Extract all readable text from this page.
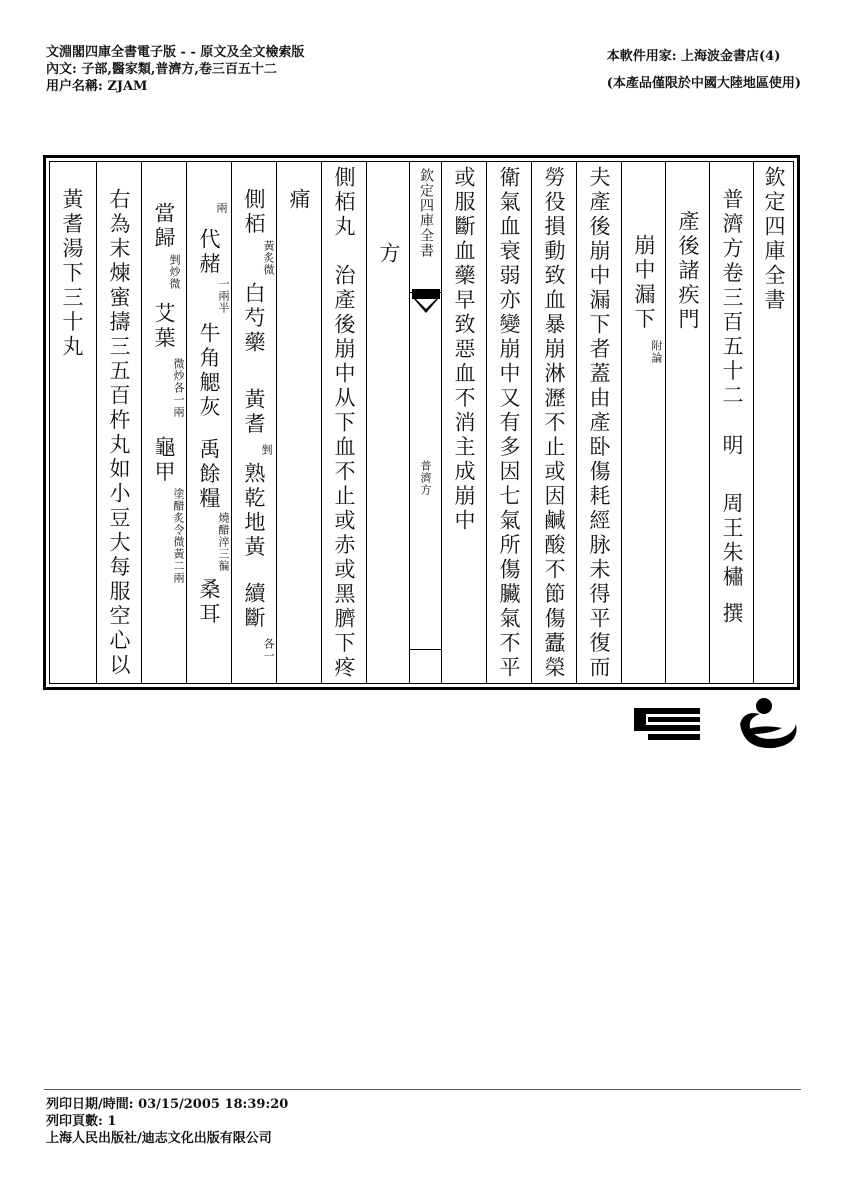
文淵閣四庫全書電子版 - - 原文及全文檢索版
內文: 子部,醫家類,普濟方,卷三百五十二
用户名稱: ZJAM
本軟件用家: 上海波金書店(4)
(本產品僅限於中國大陸地區使用)
黃耆湯下三十丸 右為末煉蜜擣三五百杵丸如小豆大每服空心以 當歸
剉炒微
艾葉
微炒各一兩
龜甲
塗醋炙令微黃二兩
兩
代赭
一兩半
牛角䚡灰
禹餘糧
燒醋淬三徧
桑耳
側栢
黃炙微
白芍藥
黃耆
剉
熟乾地黃
續斷
各一
痛 側栢丸　治產後崩中从下血不止或赤或黑臍下疼 方 欽定四庫全書
普濟方 或服斷血藥早致惡血不消主成崩中 衛氣血衰弱亦變崩中又有多因七氣所傷臟氣不平 勞役損動致血暴崩淋瀝不止或因鹹酸不節傷蠹榮 夫產後崩中漏下者蓋由產卧傷耗經脉未得平復而 崩中漏下
附論
產後諸疾門 普濟方卷三百五十二
明
周王朱橚
撰
欽定四庫全書
列印日期/時間: 03/15/2005 18:39:20
列印頁數: 1
上海人民出版社/迪志文化出版有限公司
